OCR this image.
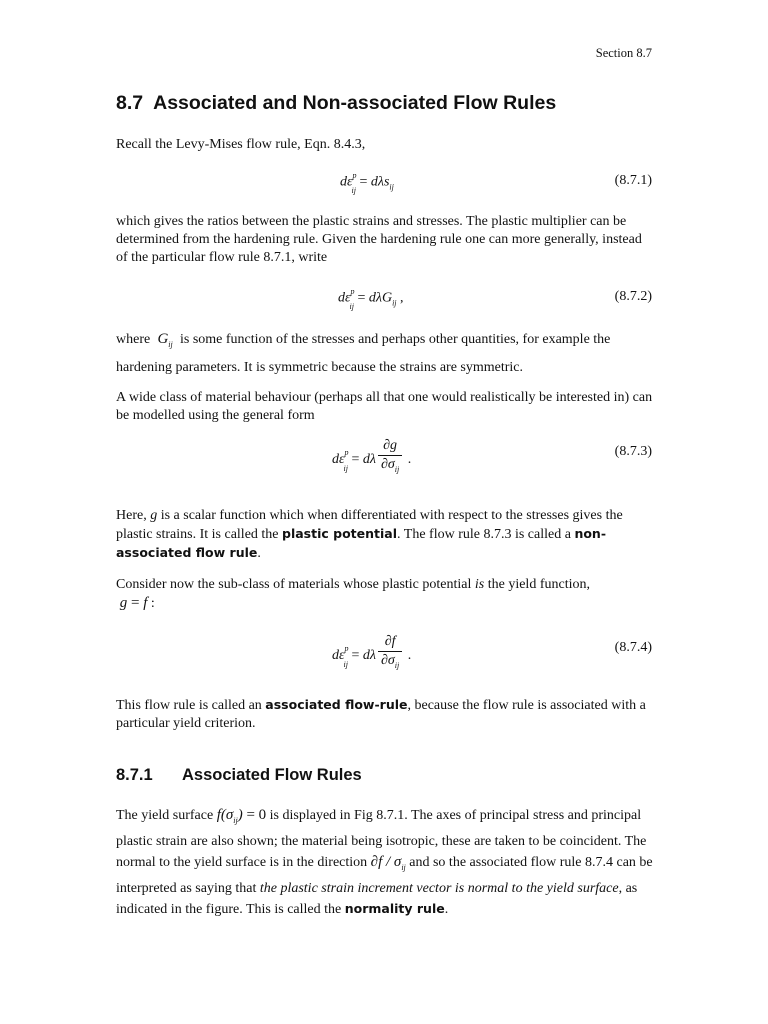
Section 8.7
8.7 Associated and Non-associated Flow Rules

Recall the Levy-Mises flow rule, Eqn. 8.4.3,

$d\varepsilon^p_{ij} = d\lambda s_{ij}$	(8.7.1)

which gives the ratios between the plastic strains and stresses. The plastic multiplier can be determined from the hardening rule. Given the hardening rule one can more generally, instead of the particular flow rule 8.7.1, write

$d\varepsilon^p_{ij} = d\lambda G_{ij}$ ,	(8.7.2)

where  $G_{ij}$ is some function of the stresses and perhaps other quantities, for example the hardening parameters. It is symmetric because the strains are symmetric.

A wide class of material behaviour (perhaps all that one would realistically be interested in) can be modelled using the general form

$d\varepsilon^p_{ij} = d\lambda \frac{\partial g}{\partial\sigma_{ij}}$ .
(8.7.3)

Here, g is a scalar function which when differentiated with respect to the stresses gives the plastic strains. It is called the plastic potential. The flow rule 8.7.3 is called a non-associated flow rule.

Consider now the sub-class of materials whose plastic potential is the yield function,
g = f :

$d\varepsilon^p_{ij} = d\lambda \frac{\partial f}{\partial\sigma_{ij}}$ .
(8.7.4)

This flow rule is called an associated flow-rule, because the flow rule is associated with a particular yield criterion.

8.7.1 Associated Flow Rules

The yield surface $f(\sigma_{ij}) = 0$ is displayed in Fig 8.7.1. The axes of principal stress and principal plastic strain are also shown; the material being isotropic, these are taken to be coincident. The normal to the yield surface is in the direction $\partial f / \sigma_{ij}$ and so the associated flow rule 8.7.4 can be interpreted as saying that the plastic strain increment vector is normal to the yield surface, as indicated in the figure. This is called the normality rule.
